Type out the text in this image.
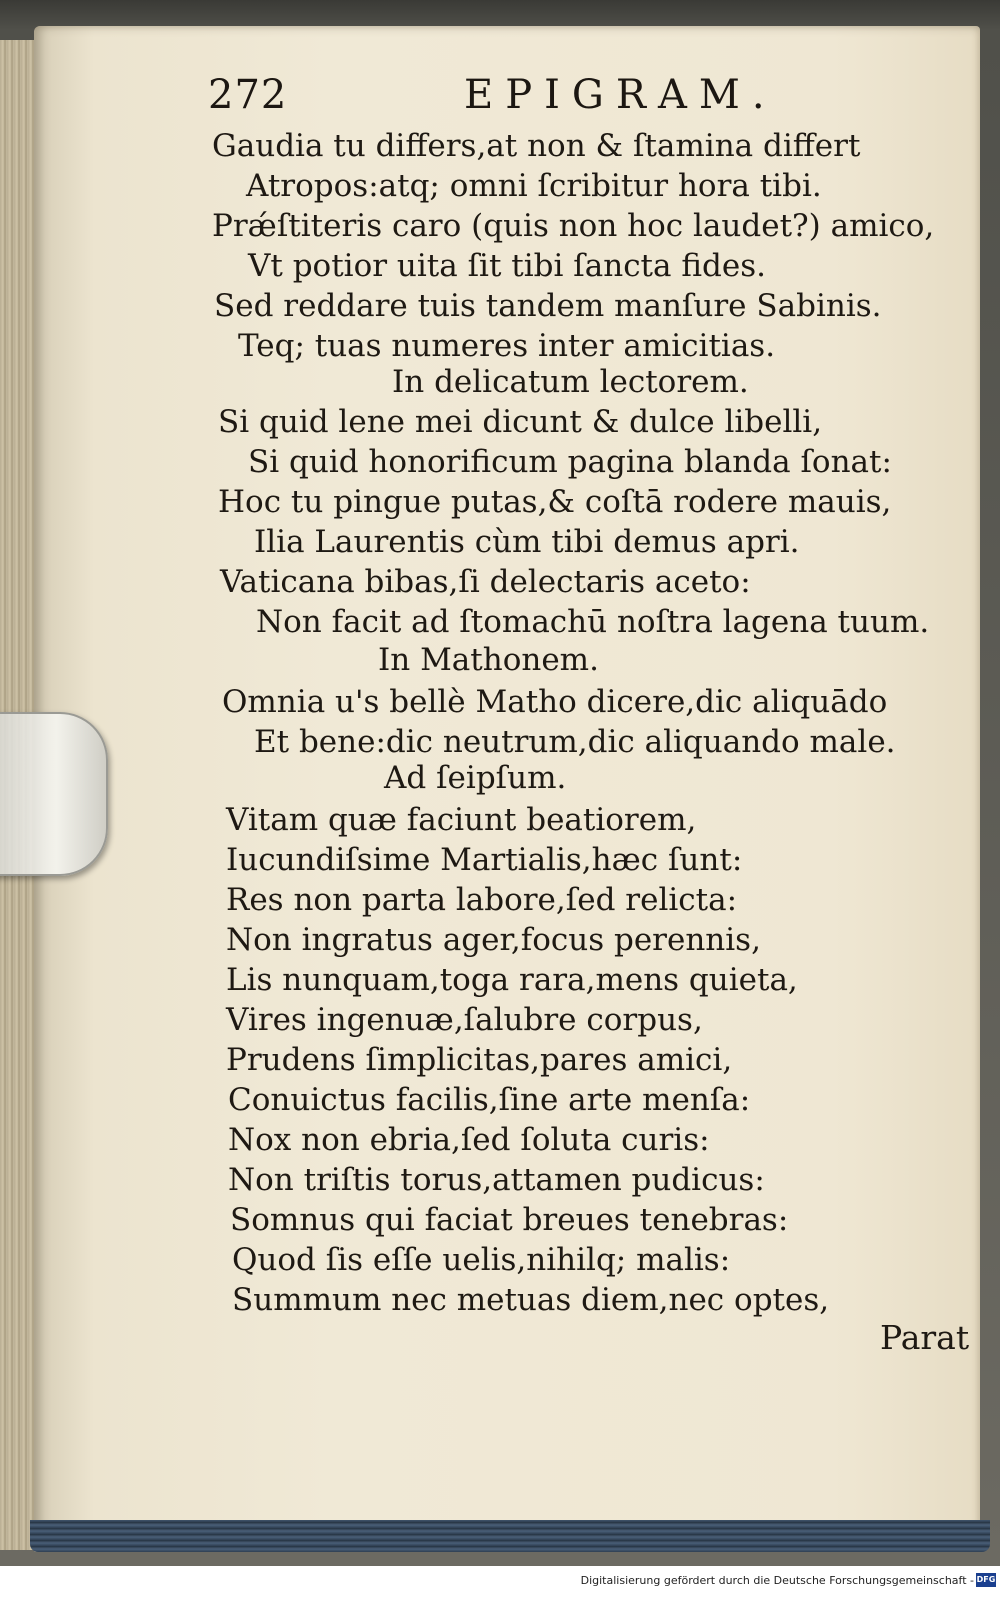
272	EPIGRAM.
Gaudia tu differs,at non & ſtamina differt
Atropos:atq; omni ſcribitur hora tibi.
Prǽſtiteris caro (quis non hoc laudet?) amico,
Vt potior uita ſit tibi ſancta fides.
Sed reddare tuis tandem manſure Sabinis.
Teq; tuas numeres inter amicitias.
In delicatum lectorem.
Si quid lene mei dicunt & dulce libelli,
Si quid honorificum pagina blanda ſonat:
Hoc tu pingue putas,& coſtā rodere mauis,
Ilia Laurentis cùm tibi demus apri.
Vaticana bibas,ſi delectaris aceto:
Non facit ad ſtomachū noſtra lagena tuum.
In Mathonem.
Omnia u's bellè Matho dicere,dic aliquādo
Et bene:dic neutrum,dic aliquando male.
Ad ſeipſum.
Vitam quæ faciunt beatiorem,
Iucundiſsime Martialis,hæc ſunt:
Res non parta labore,ſed relicta:
Non ingratus ager,focus perennis,
Lis nunquam,toga rara,mens quieta,
Vires ingenuæ,ſalubre corpus,
Prudens ſimplicitas,pares amici,
Conuictus facilis,ſine arte menſa:
Nox non ebria,ſed ſoluta curis:
Non triſtis torus,attamen pudicus:
Somnus qui faciat breues tenebras:
Quod ſis eſſe uelis,nihilq; malis:
Summum nec metuas diem,nec optes,
Parat
Digitalisierung gefördert durch die Deutsche Forschungsgemeinschaft - DFG
